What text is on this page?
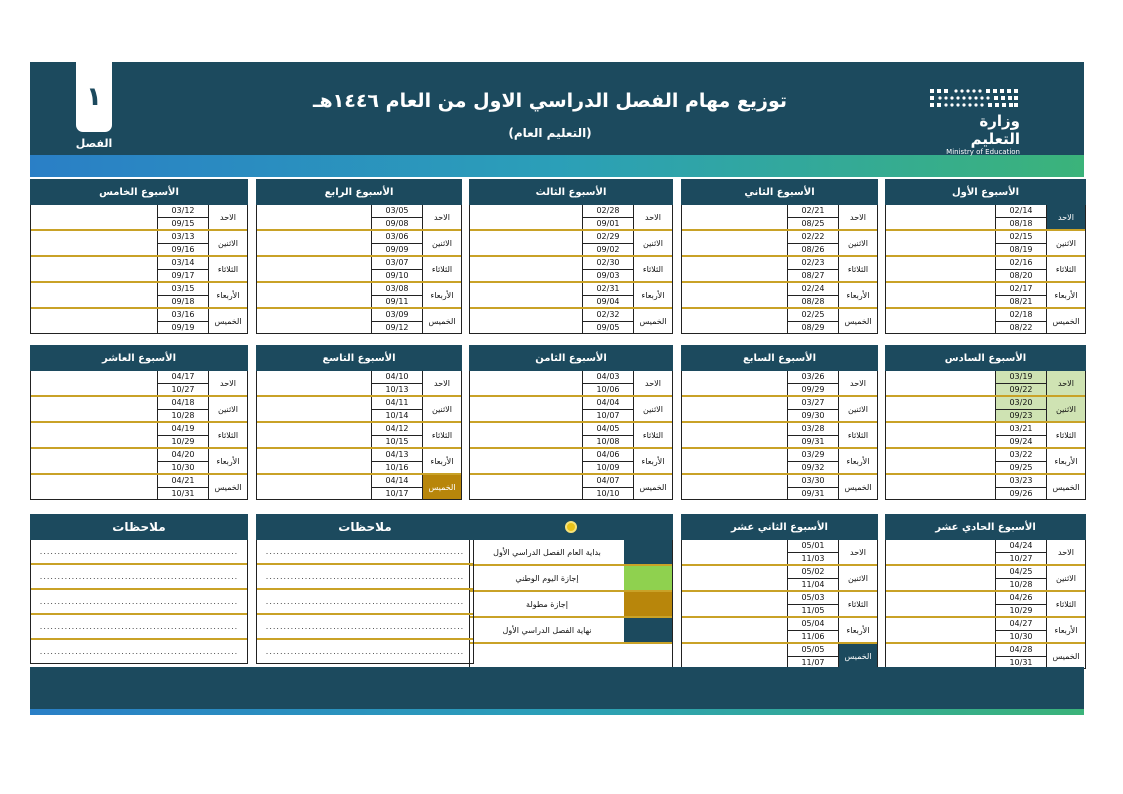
١
الفصل
توزيع مهام الفصل الدراسي الاول من العام ١٤٤٦هـ
(التعليم العام)
وزارة التعليم
Ministry of Education
الأسبوع الأول
02/14
08/18
الاحد
02/15
08/19
الاثنين
02/16
08/20
الثلاثاء
02/17
08/21
الأربعاء
02/18
08/22
الخميس
الأسبوع الثاني
02/21
08/25
الاحد
02/22
08/26
الاثنين
02/23
08/27
الثلاثاء
02/24
08/28
الأربعاء
02/25
08/29
الخميس
الأسبوع الثالث
02/28
09/01
الاحد
02/29
09/02
الاثنين
02/30
09/03
الثلاثاء
02/31
09/04
الأربعاء
02/32
09/05
الخميس
الأسبوع الرابع
03/05
09/08
الاحد
03/06
09/09
الاثنين
03/07
09/10
الثلاثاء
03/08
09/11
الأربعاء
03/09
09/12
الخميس
الأسبوع الخامس
03/12
09/15
الاحد
03/13
09/16
الاثنين
03/14
09/17
الثلاثاء
03/15
09/18
الأربعاء
03/16
09/19
الخميس
الأسبوع السادس
03/19
09/22
الاحد
03/20
09/23
الاثنين
03/21
09/24
الثلاثاء
03/22
09/25
الأربعاء
03/23
09/26
الخميس
الأسبوع السابع
03/26
09/29
الاحد
03/27
09/30
الاثنين
03/28
09/31
الثلاثاء
03/29
09/32
الأربعاء
03/30
09/31
الخميس
الأسبوع الثامن
04/03
10/06
الاحد
04/04
10/07
الاثنين
04/05
10/08
الثلاثاء
04/06
10/09
الأربعاء
04/07
10/10
الخميس
الأسبوع التاسع
04/10
10/13
الاحد
04/11
10/14
الاثنين
04/12
10/15
الثلاثاء
04/13
10/16
الأربعاء
04/14
10/17
الخميس
الأسبوع العاشر
04/17
10/27
الاحد
04/18
10/28
الاثنين
04/19
10/29
الثلاثاء
04/20
10/30
الأربعاء
04/21
10/31
الخميس
الأسبوع الحادي عشر
04/24
10/27
الاحد
04/25
10/28
الاثنين
04/26
10/29
الثلاثاء
04/27
10/30
الأربعاء
04/28
10/31
الخميس
الأسبوع الثاني عشر
05/01
11/03
الاحد
05/02
11/04
الاثنين
05/03
11/05
الثلاثاء
05/04
11/06
الأربعاء
05/05
11/07
الخميس
بداية العام الفصل الدراسي الأول
إجازة اليوم الوطني
إجازة مطولة
نهاية الفصل الدراسي الأول
ملاحظات
........................................................
........................................................
........................................................
........................................................
........................................................
ملاحظات
........................................................
........................................................
........................................................
........................................................
........................................................
